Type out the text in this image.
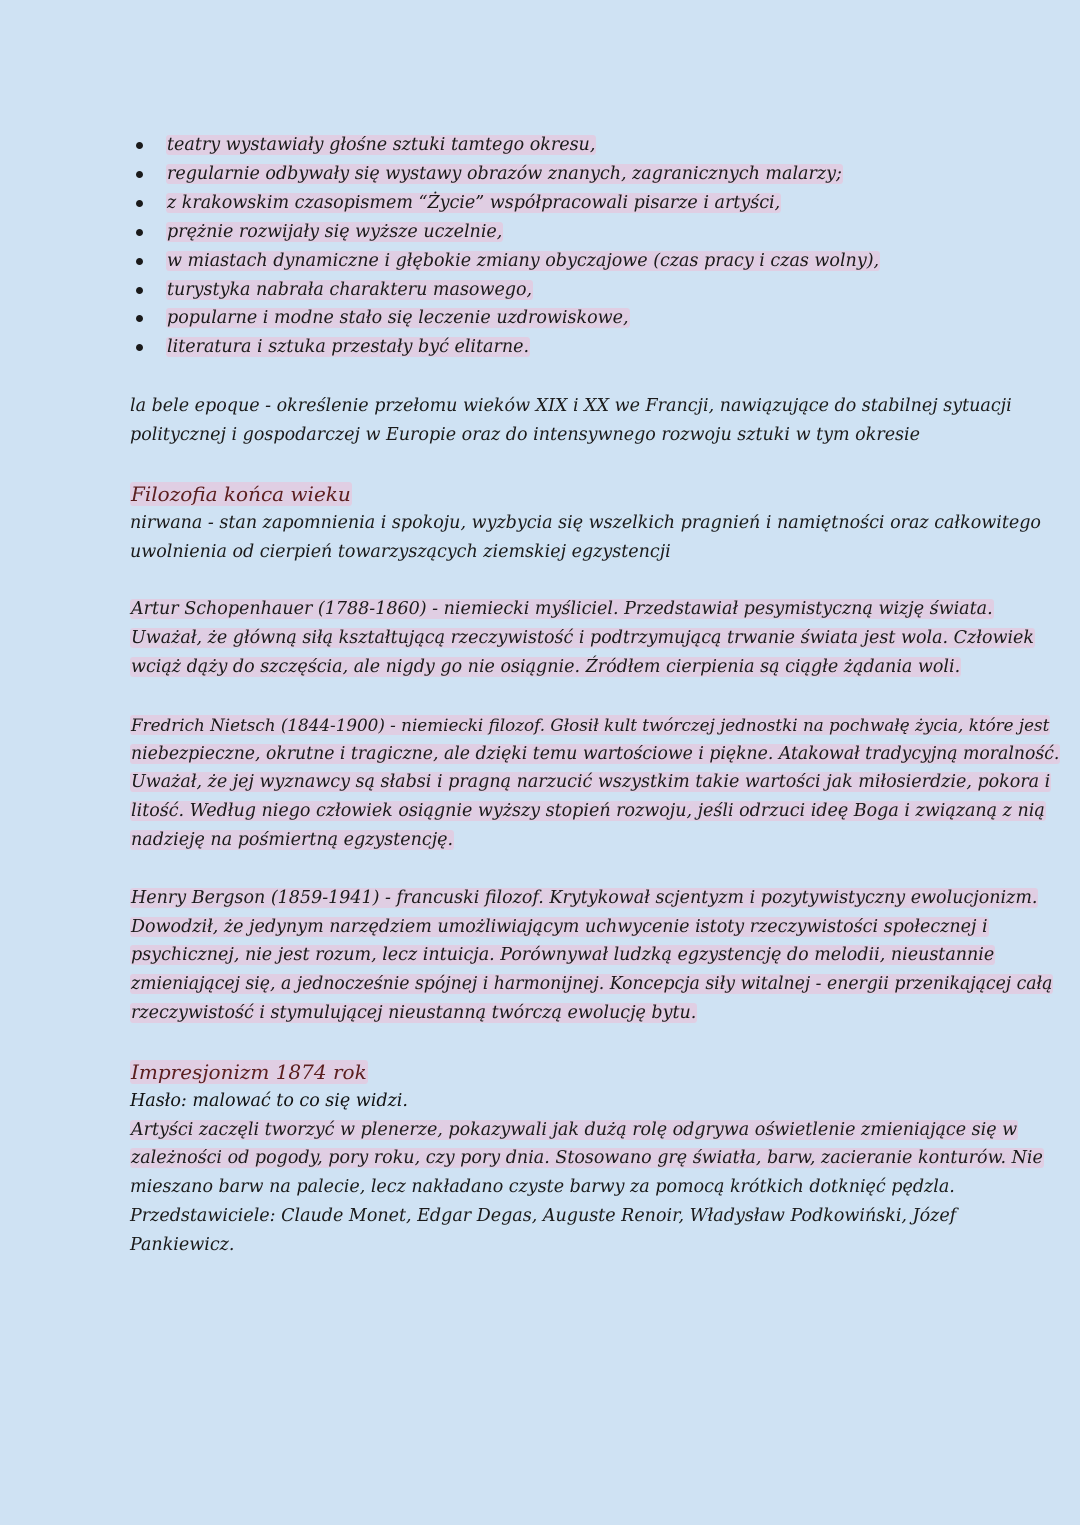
teatry wystawiały głośne sztuki tamtego okresu,
regularnie odbywały się wystawy obrazów znanych, zagranicznych malarzy;
z krakowskim czasopismem “Życie” współpracowali pisarze i artyści,
prężnie rozwijały się wyższe uczelnie,
w miastach dynamiczne i głębokie zmiany obyczajowe (czas pracy i czas wolny),
turystyka nabrała charakteru masowego,
popularne i modne stało się leczenie uzdrowiskowe,
literatura i sztuka przestały być elitarne.

la bele epoque - określenie przełomu wieków XIX i XX we Francji, nawiązujące do stabilnej sytuacji

politycznej i gospodarczej w Europie oraz do intensywnego rozwoju sztuki w tym okresie

Filozofia końca wieku

nirwana - stan zapomnienia i spokoju, wyzbycia się wszelkich pragnień i namiętności oraz całkowitego

uwolnienia od cierpień towarzyszących ziemskiej egzystencji

Artur Schopenhauer (1788-1860) - niemiecki myśliciel. Przedstawiał pesymistyczną wizję świata.

Uważał, że główną siłą kształtującą rzeczywistość i podtrzymującą trwanie świata jest wola. Człowiek

wciąż dąży do szczęścia, ale nigdy go nie osiągnie. Źródłem cierpienia są ciągłe żądania woli.

Fredrich Nietsch (1844-1900) - niemiecki filozof. Głosił kult twórczej jednostki na pochwałę życia, które jest

niebezpieczne, okrutne i tragiczne, ale dzięki temu wartościowe i piękne. Atakował tradycyjną moralność.

Uważał, że jej wyznawcy są słabsi i pragną narzucić wszystkim takie wartości jak miłosierdzie, pokora i

litość. Według niego człowiek osiągnie wyższy stopień rozwoju, jeśli odrzuci ideę Boga i związaną z nią

nadzieję na pośmiertną egzystencję.

Henry Bergson (1859-1941) - francuski filozof. Krytykował scjentyzm i pozytywistyczny ewolucjonizm.

Dowodził, że jedynym narzędziem umożliwiającym uchwycenie istoty rzeczywistości społecznej i

psychicznej, nie jest rozum, lecz intuicja. Porównywał ludzką egzystencję do melodii, nieustannie

zmieniającej się, a jednocześnie spójnej i harmonijnej. Koncepcja siły witalnej - energii przenikającej całą

rzeczywistość i stymulującej nieustanną twórczą ewolucję bytu.

Impresjonizm 1874 rok

Hasło: malować to co się widzi.

Artyści zaczęli tworzyć w plenerze, pokazywali jak dużą rolę odgrywa oświetlenie zmieniające się w

zależności od pogody, pory roku, czy pory dnia. Stosowano grę światła, barw, zacieranie konturów. Nie

mieszano barw na palecie, lecz nakładano czyste barwy za pomocą krótkich dotknięć pędzla.

Przedstawiciele: Claude Monet, Edgar Degas, Auguste Renoir, Władysław Podkowiński, Józef

Pankiewicz.
